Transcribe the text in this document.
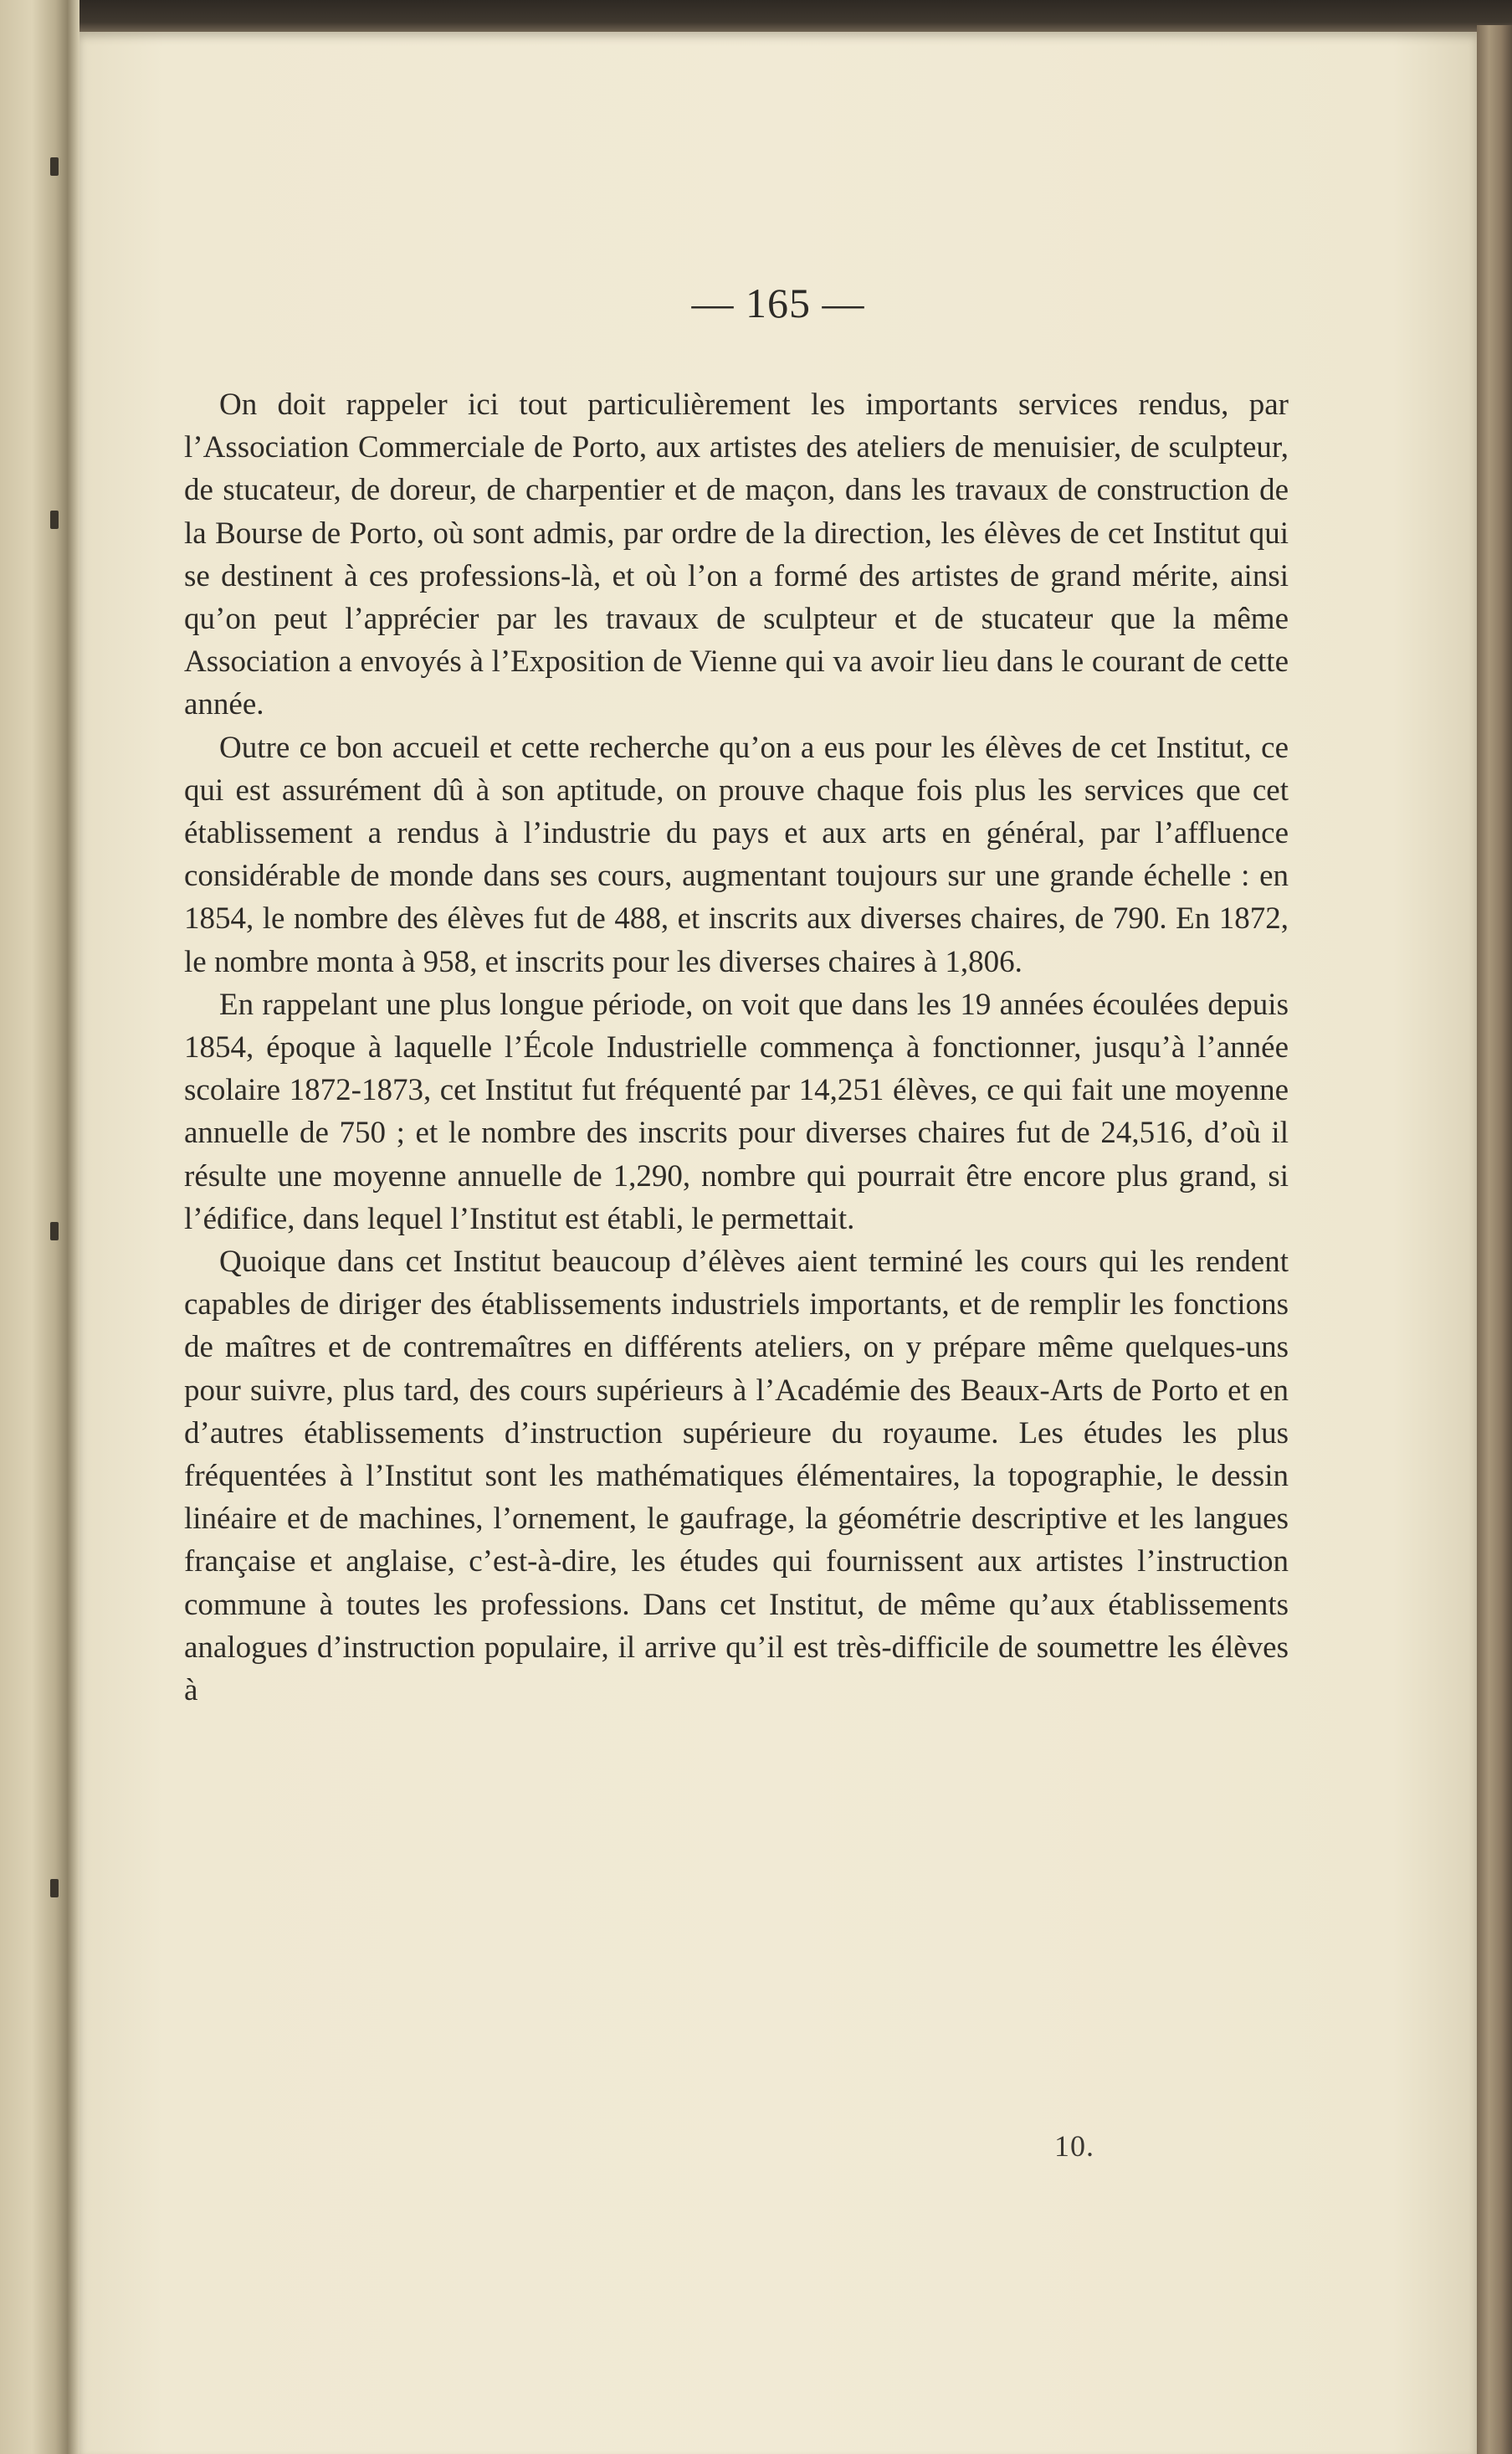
— 165 —

On doit rappeler ici tout particulièrement les importants services rendus, par l’Association Commerciale de Porto, aux artistes des ateliers de menuisier, de sculpteur, de stucateur, de doreur, de charpentier et de maçon, dans les travaux de construction de la Bourse de Porto, où sont admis, par ordre de la direction, les élèves de cet Institut qui se destinent à ces professions-là, et où l’on a formé des artistes de grand mérite, ainsi qu’on peut l’apprécier par les travaux de sculpteur et de stucateur que la même Association a envoyés à l’Exposition de Vienne qui va avoir lieu dans le courant de cette année.

Outre ce bon accueil et cette recherche qu’on a eus pour les élèves de cet Institut, ce qui est assurément dû à son aptitude, on prouve chaque fois plus les services que cet établissement a rendus à l’industrie du pays et aux arts en général, par l’affluence considérable de monde dans ses cours, augmentant toujours sur une grande échelle : en 1854, le nombre des élèves fut de 488, et inscrits aux diverses chaires, de 790. En 1872, le nombre monta à 958, et inscrits pour les diverses chaires à 1,806.

En rappelant une plus longue période, on voit que dans les 19 années écoulées depuis 1854, époque à laquelle l’École Industrielle commença à fonctionner, jusqu’à l’année scolaire 1872-1873, cet Institut fut fréquenté par 14,251 élèves, ce qui fait une moyenne annuelle de 750 ; et le nombre des inscrits pour diverses chaires fut de 24,516, d’où il résulte une moyenne annuelle de 1,290, nombre qui pourrait être encore plus grand, si l’édifice, dans lequel l’Institut est établi, le permettait.

Quoique dans cet Institut beaucoup d’élèves aient terminé les cours qui les rendent capables de diriger des établissements industriels importants, et de remplir les fonctions de maîtres et de contremaîtres en différents ateliers, on y prépare même quelques-uns pour suivre, plus tard, des cours supérieurs à l’Académie des Beaux-Arts de Porto et en d’autres établissements d’instruction supérieure du royaume. Les études les plus fréquentées à l’Institut sont les mathématiques élémentaires, la topographie, le dessin linéaire et de machines, l’ornement, le gaufrage, la géométrie descriptive et les langues française et anglaise, c’est-à-dire, les études qui fournissent aux artistes l’instruction commune à toutes les professions. Dans cet Institut, de même qu’aux établissements analogues d’instruction populaire, il arrive qu’il est très-difficile de soumettre les élèves à

10.
